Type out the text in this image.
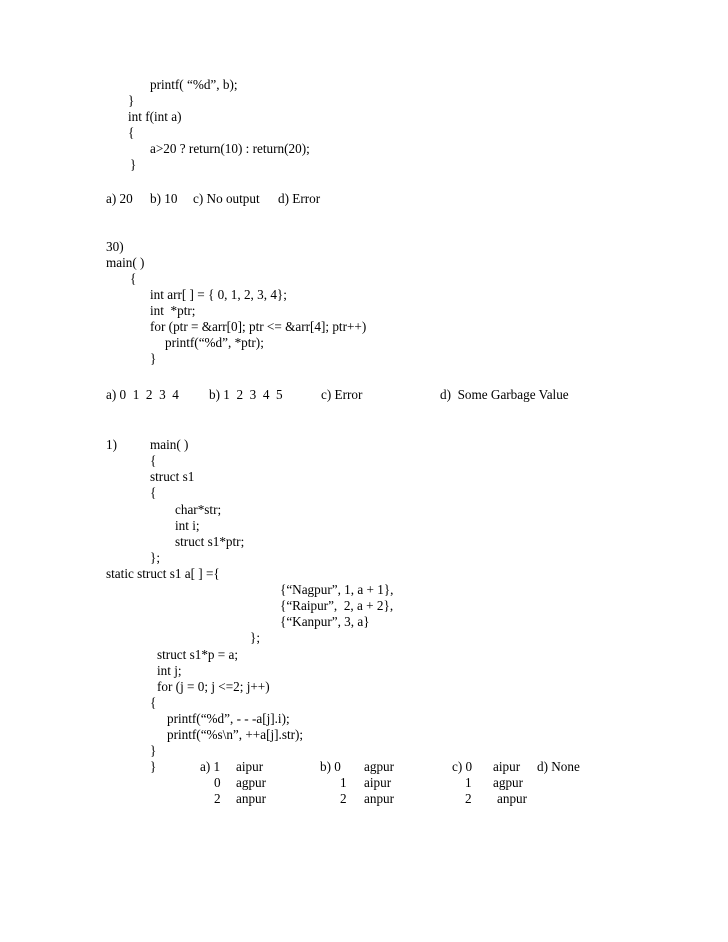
printf( “%d”, b);
}
int f(int a)
{
a>20 ? return(10) : return(20);
}
a) 20 b) 10 c) No output d) Error
30)
main( )
{
int arr[ ] = { 0, 1, 2, 3, 4};
int  *ptr;
for (ptr = &arr[0]; ptr <= &arr[4]; ptr++)
printf(“%d”, *ptr);
}
a) 0  1  2  3  4 b) 1  2  3  4  5	c) Error	d)  Some Garbage Value
1)	main( )
{
struct s1
{
char*str;
int i;
struct s1*ptr;
};
static struct s1 a[ ] ={
{“Nagpur”, 1, a + 1},
{“Raipur”,  2, a + 2},
{“Kanpur”, 3, a}
};
struct s1*p = a;
int j;
for (j = 0; j <=2; j++)
{
printf(“%d”, - - -a[j].i);
printf(“%s\n”, ++a[j].str);
}
}	a) 1 aipur
0 agpur
2 anpur
b) 0 agpur
1 aipur
2 anpur
c) 0 aipur
1 agpur
2 anpur
d) None
